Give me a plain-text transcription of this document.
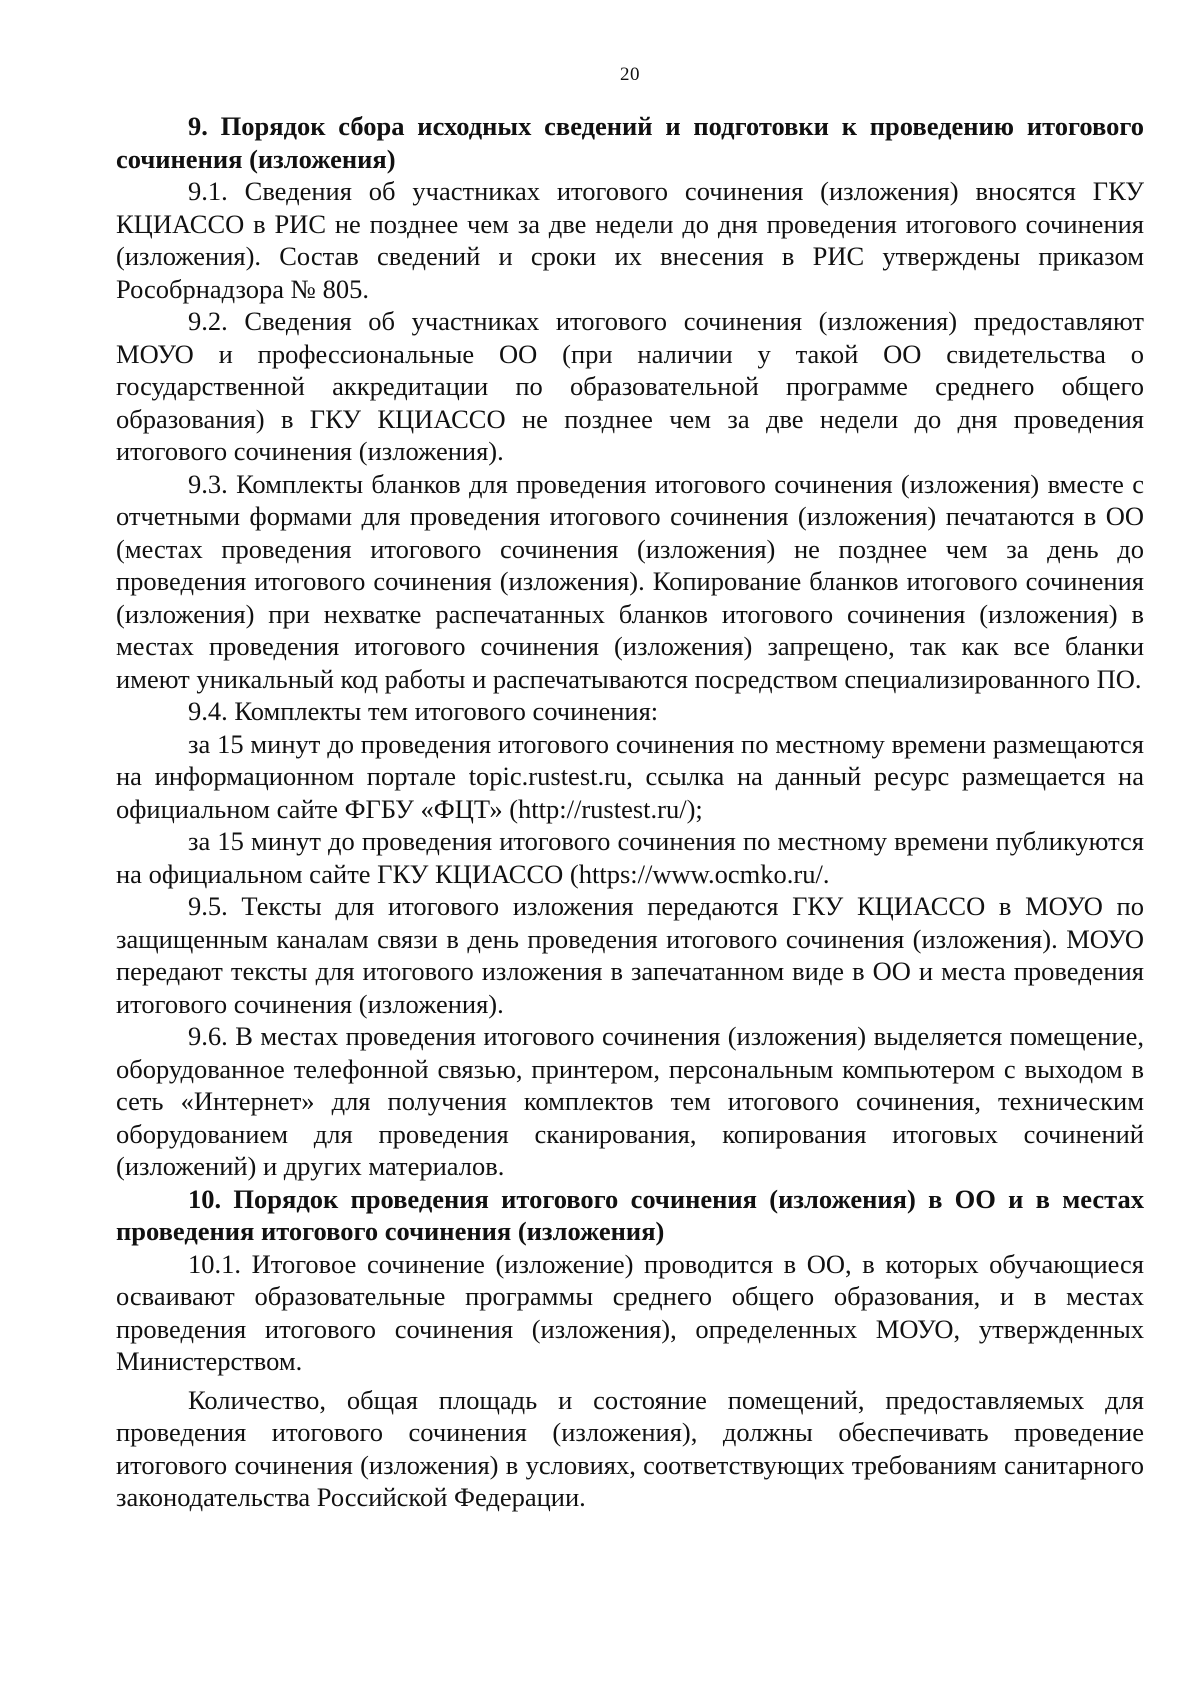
20

9. Порядок сбора исходных сведений и подготовки к проведению итогового сочинения (изложения)

9.1. Сведения об участниках итогового сочинения (изложения) вносятся ГКУ КЦИАССО в РИС не позднее чем за две недели до дня проведения итогового сочинения (изложения). Состав сведений и сроки их внесения в РИС утверждены приказом Рособрнадзора № 805.

9.2. Сведения об участниках итогового сочинения (изложения) предоставляют МОУО и профессиональные ОО (при наличии у такой ОО свидетельства о государственной аккредитации по образовательной программе среднего общего образования) в ГКУ КЦИАССО не позднее чем за две недели до дня проведения итогового сочинения (изложения).

9.3. Комплекты бланков для проведения итогового сочинения (изложения) вместе с отчетными формами для проведения итогового сочинения (изложения) печатаются в ОО (местах проведения итогового сочинения (изложения) не позднее чем за день до проведения итогового сочинения (изложения). Копирование бланков итогового сочинения (изложения) при нехватке распечатанных бланков итогового сочинения (изложения) в местах проведения итогового сочинения (изложения) запрещено, так как все бланки имеют уникальный код работы и распечатываются посредством специализированного ПО.

9.4. Комплекты тем итогового сочинения:

за 15 минут до проведения итогового сочинения по местному времени размещаются на информационном портале topic.rustest.ru, ссылка на данный ресурс размещается на официальном сайте ФГБУ «ФЦТ» (http://rustest.ru/);

за 15 минут до проведения итогового сочинения по местному времени публикуются на официальном сайте ГКУ КЦИАССО (https://www.ocmko.ru/.

9.5. Тексты для итогового изложения передаются ГКУ КЦИАССО в МОУО по защищенным каналам связи в день проведения итогового сочинения (изложения). МОУО передают тексты для итогового изложения в запечатанном виде в ОО и места проведения итогового сочинения (изложения).

9.6. В местах проведения итогового сочинения (изложения) выделяется помещение, оборудованное телефонной связью, принтером, персональным компьютером с выходом в сеть «Интернет» для получения комплектов тем итогового сочинения, техническим оборудованием для проведения сканирования, копирования итоговых сочинений (изложений) и других материалов.

10. Порядок проведения итогового сочинения (изложения) в ОО и в местах проведения итогового сочинения (изложения)

10.1. Итоговое сочинение (изложение) проводится в ОО, в которых обучающиеся осваивают образовательные программы среднего общего образования, и в местах проведения итогового сочинения (изложения), определенных МОУО, утвержденных Министерством.

Количество, общая площадь и состояние помещений, предоставляемых для проведения итогового сочинения (изложения), должны обеспечивать проведение итогового сочинения (изложения) в условиях, соответствующих требованиям санитарного законодательства Российской Федерации.
